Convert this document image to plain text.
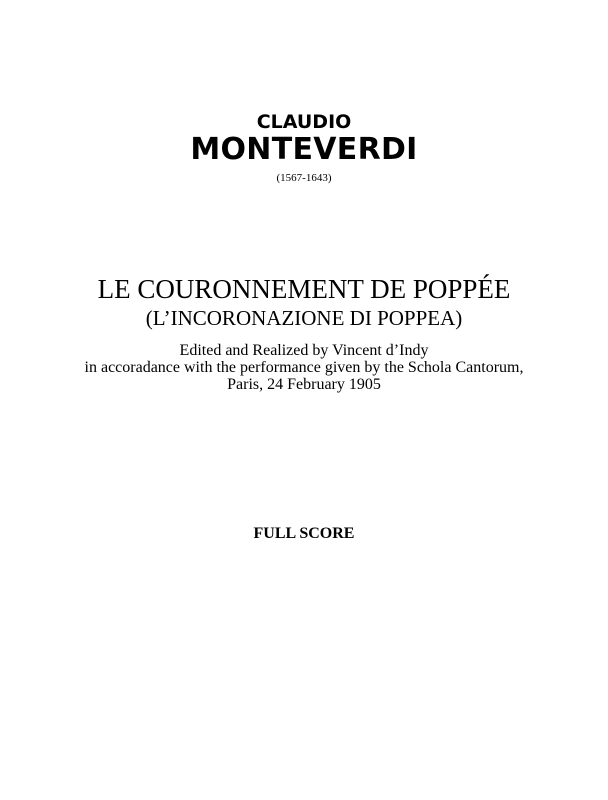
CLAUDIO

MONTEVERDI

(1567-1643)

LE COURONNEMENT DE POPPÉE

(L’INCORONAZIONE DI POPPEA)

Edited and Realized by Vincent d’Indy
in accoradance with the performance given by the Schola Cantorum,
Paris, 24 February 1905

FULL SCORE
